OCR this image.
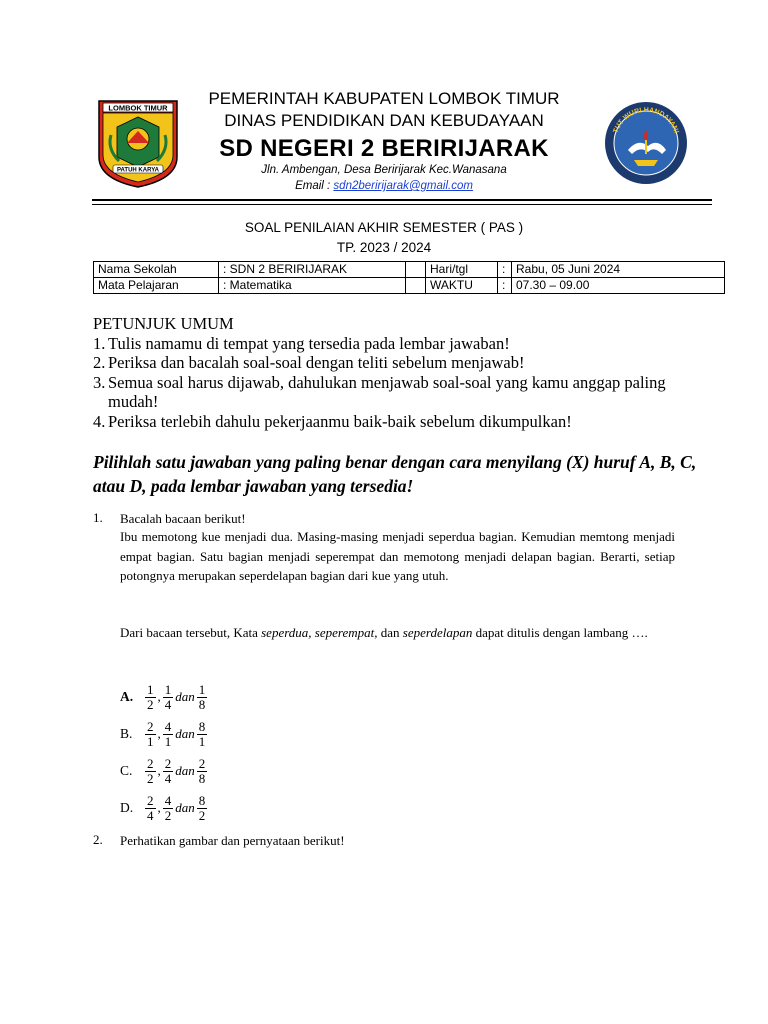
LOMBOK TIMUR
PATUH KARYA
TUT WURI HANDAYANI
PEMERINTAH KABUPATEN LOMBOK TIMUR
DINAS PENDIDIKAN DAN KEBUDAYAAN
SD NEGERI 2 BERIRIJARAK
Jln. Ambengan, Desa Beririjarak Kec.Wanasana
Email : sdn2beririjarak@gmail.com
SOAL PENILAIAN AKHIR SEMESTER ( PAS )
TP. 2023 / 2024
Nama Sekolah	: SDN 2 BERIRIJARAK		Hari/tgl	:	Rabu, 05 Juni 2024
Mata Pelajaran	: Matematika		WAKTU	:	07.30 – 09.00
PETUNJUK UMUM
1. Tulis namamu di tempat yang tersedia pada lembar jawaban!
2. Periksa dan bacalah soal-soal dengan teliti sebelum menjawab!
3. Semua soal harus dijawab, dahulukan menjawab soal-soal yang kamu anggap paling mudah!
4. Periksa terlebih dahulu pekerjaanmu baik-baik sebelum dikumpulkan!
Pilihlah satu jawaban yang paling benar dengan cara menyilang (X) huruf A, B, C, atau D, pada lembar jawaban yang tersedia!
1. Bacalah bacaan berikut!
Ibu memotong kue menjadi dua. Masing-masing menjadi seperdua bagian. Kemudian memtong menjadi empat bagian. Satu bagian menjadi seperempat dan memotong menjadi delapan bagian. Berarti, setiap potongnya merupakan seperdelapan bagian dari kue yang utuh.
Dari bacaan tersebut, Kata seperdua, seperempat, dan seperdelapan dapat ditulis dengan lambang ….
A. $\frac{1}{2}$ , $\frac{1}{4}$ dan $\frac{1}{8}$
B. $\frac{2}{1}$ , $\frac{4}{1}$ dan $\frac{8}{1}$
C. $\frac{2}{2}$ , $\frac{2}{4}$ dan $\frac{2}{8}$
D. $\frac{2}{4}$ , $\frac{4}{2}$ dan $\frac{8}{2}$
2. Perhatikan gambar dan pernyataan berikut!
